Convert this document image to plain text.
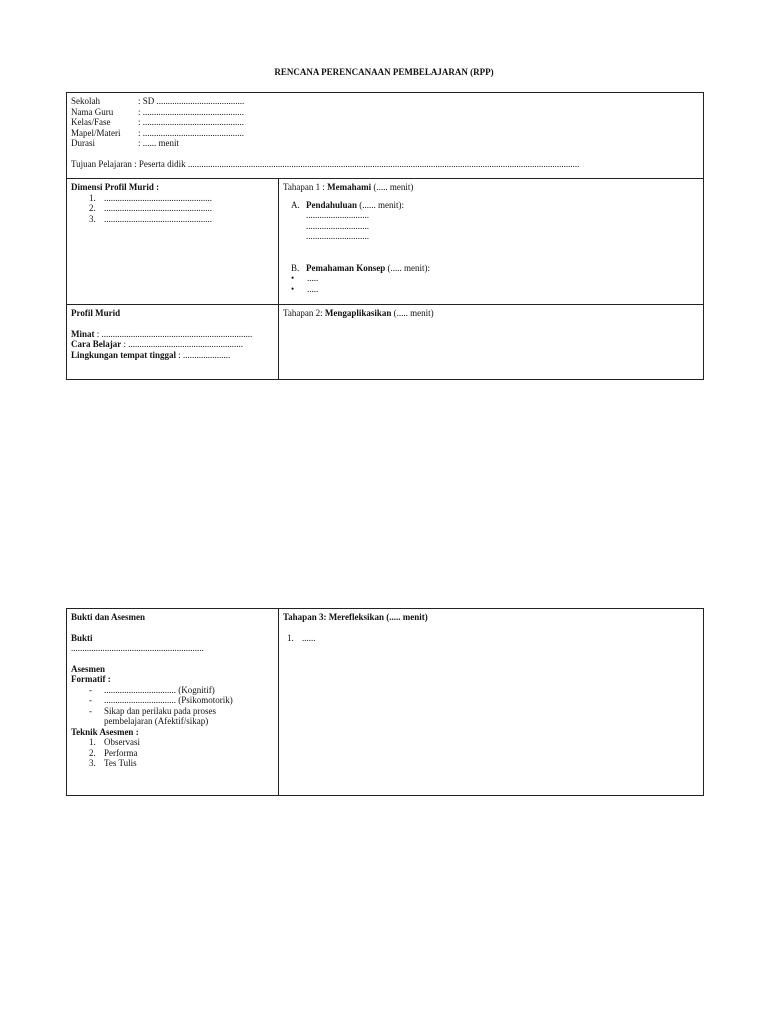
RENCANA PERENCANAAN PEMBELAJARAN (RPP)
Sekolah	: SD .......................................
Nama Guru	: .............................................
Kelas/Fase	: .............................................
Mapel/Materi : .............................................
Durasi	: ...... menit
Tujuan Pelajaran : Peserta didik ..............................................................................................................................................................................
Dimensi Profil Murid :
1. ................................................
2. ................................................
3. ................................................
Tahapan 1 : Memahami (..... menit)
A. Pendahuluan (...... menit):
............................
............................
............................
B. Pemahaman Konsep (..... menit):
• .....
• .....
Profil Murid
Minat : ...................................................................
Cara Belajar : ...................................................
Lingkungan tempat tinggal : .....................
Tahapan 2: Mengaplikasikan (..... menit)
Bukti dan Asesmen
Bukti
...........................................................
Asesmen
Formatif :
- ................................ (Kognitif)
- ................................ (Psikomotorik)
- Sikap dan perilaku pada proses
pembelajaran (Afektif/sikap)
Teknik Asesmen :
1. Observasi
2. Performa
3. Tes Tulis
Tahapan 3: Merefleksikan (..... menit)
1. ......
